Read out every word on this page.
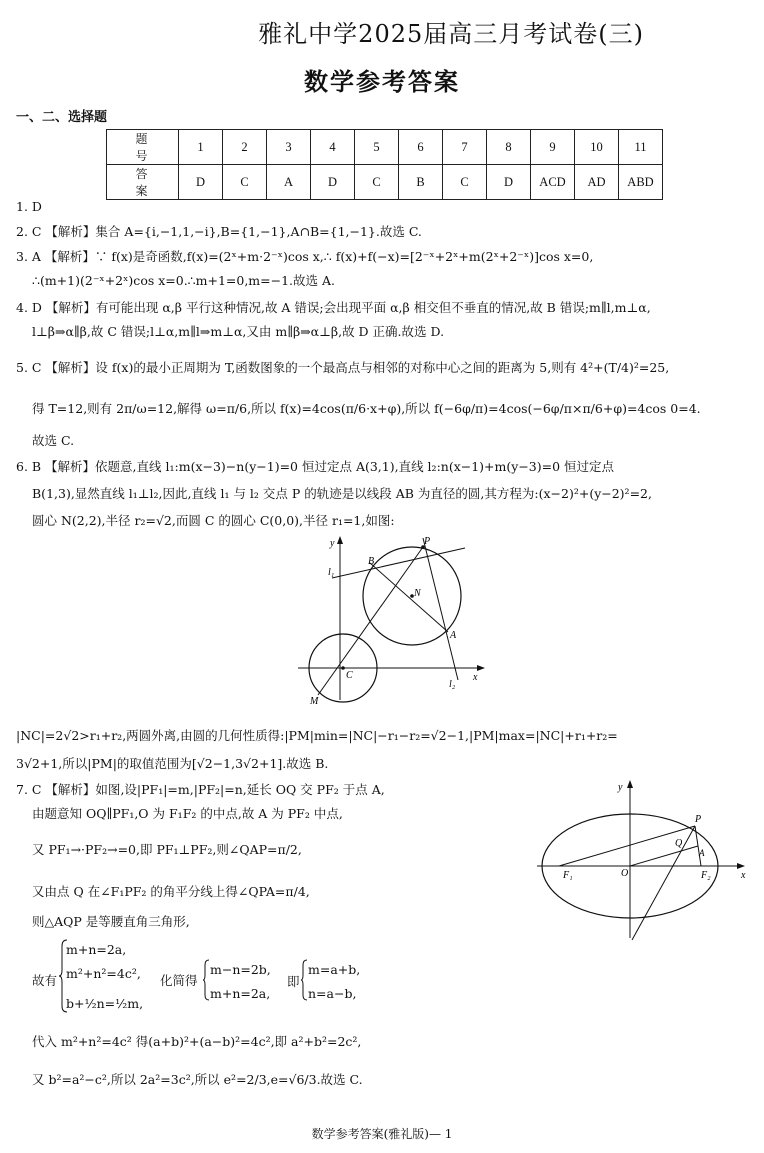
雅礼中学2025届高三月考试卷(三)
数学参考答案
一、二、选择题
题 号	1	2	3	4	5	6	7	8	9	10	11
答 案	D	C	A	D	C	B	C	D	ACD	AD	ABD
1. D
2. C 【解析】集合 A={i,−1,1,−i},B={1,−1},A∩B={1,−1}.故选 C.
3. A 【解析】∵ f(x)是奇函数,f(x)=(2ˣ+m·2⁻ˣ)cos x,∴ f(x)+f(−x)=[2⁻ˣ+2ˣ+m(2ˣ+2⁻ˣ)]cos x=0,
∴(m+1)(2⁻ˣ+2ˣ)cos x=0.∴m+1=0,m=−1.故选 A.
4. D 【解析】有可能出现 α,β 平行这种情况,故 A 错误;会出现平面 α,β 相交但不垂直的情况,故 B 错误;m∥l,m⊥α,
l⊥β⇒α∥β,故 C 错误;l⊥α,m∥l⇒m⊥α,又由 m∥β⇒α⊥β,故 D 正确.故选 D.
5. C 【解析】设 f(x)的最小正周期为 T,函数图象的一个最高点与相邻的对称中心之间的距离为 5,则有 4²+(T/4)²=25,
得 T=12,则有 2π/ω=12,解得 ω=π/6,所以 f(x)=4cos(π/6·x+φ),所以 f(−6φ/π)=4cos(−6φ/π×π/6+φ)=4cos 0=4.
故选 C.
6. B 【解析】依题意,直线 l₁:m(x−3)−n(y−1)=0 恒过定点 A(3,1),直线 l₂:n(x−1)+m(y−3)=0 恒过定点
B(1,3),显然直线 l₁⊥l₂,因此,直线 l₁ 与 l₂ 交点 P 的轨迹是以线段 AB 为直径的圆,其方程为:(x−2)²+(y−2)²=2,
圆心 N(2,2),半径 r₂=√2,而圆 C 的圆心 C(0,0),半径 r₁=1,如图:
y
x
P
B
N
A
l₁
l₂
C
M
|NC|=2√2>r₁+r₂,两圆外离,由圆的几何性质得:|PM|min=|NC|−r₁−r₂=√2−1,|PM|max=|NC|+r₁+r₂=
3√2+1,所以|PM|的取值范围为[√2−1,3√2+1].故选 B.
7. C 【解析】如图,设|PF₁|=m,|PF₂|=n,延长 OQ 交 PF₂ 于点 A,
由题意知 OQ∥PF₁,O 为 F₁F₂ 的中点,故 A 为 PF₂ 中点,
又 PF₁→·PF₂→=0,即 PF₁⊥PF₂,则∠QAP=π/2,
又由点 Q 在∠F₁PF₂ 的角平分线上得∠QPA=π/4,
则△AQP 是等腰直角三角形,
故有
m+n=2a,
m²+n²=4c²,
b+½n=½m,
化简得
m−n=2b,
m+n=2a,
即
m=a+b,
n=a−b,
代入 m²+n²=4c² 得(a+b)²+(a−b)²=4c²,即 a²+b²=2c²,
又 b²=a²−c²,所以 2a²=3c²,所以 e²=2/3,e=√6/3.故选 C.
P
Q
A
O
F₁	F₂
y
x
数学参考答案(雅礼版)— 1
